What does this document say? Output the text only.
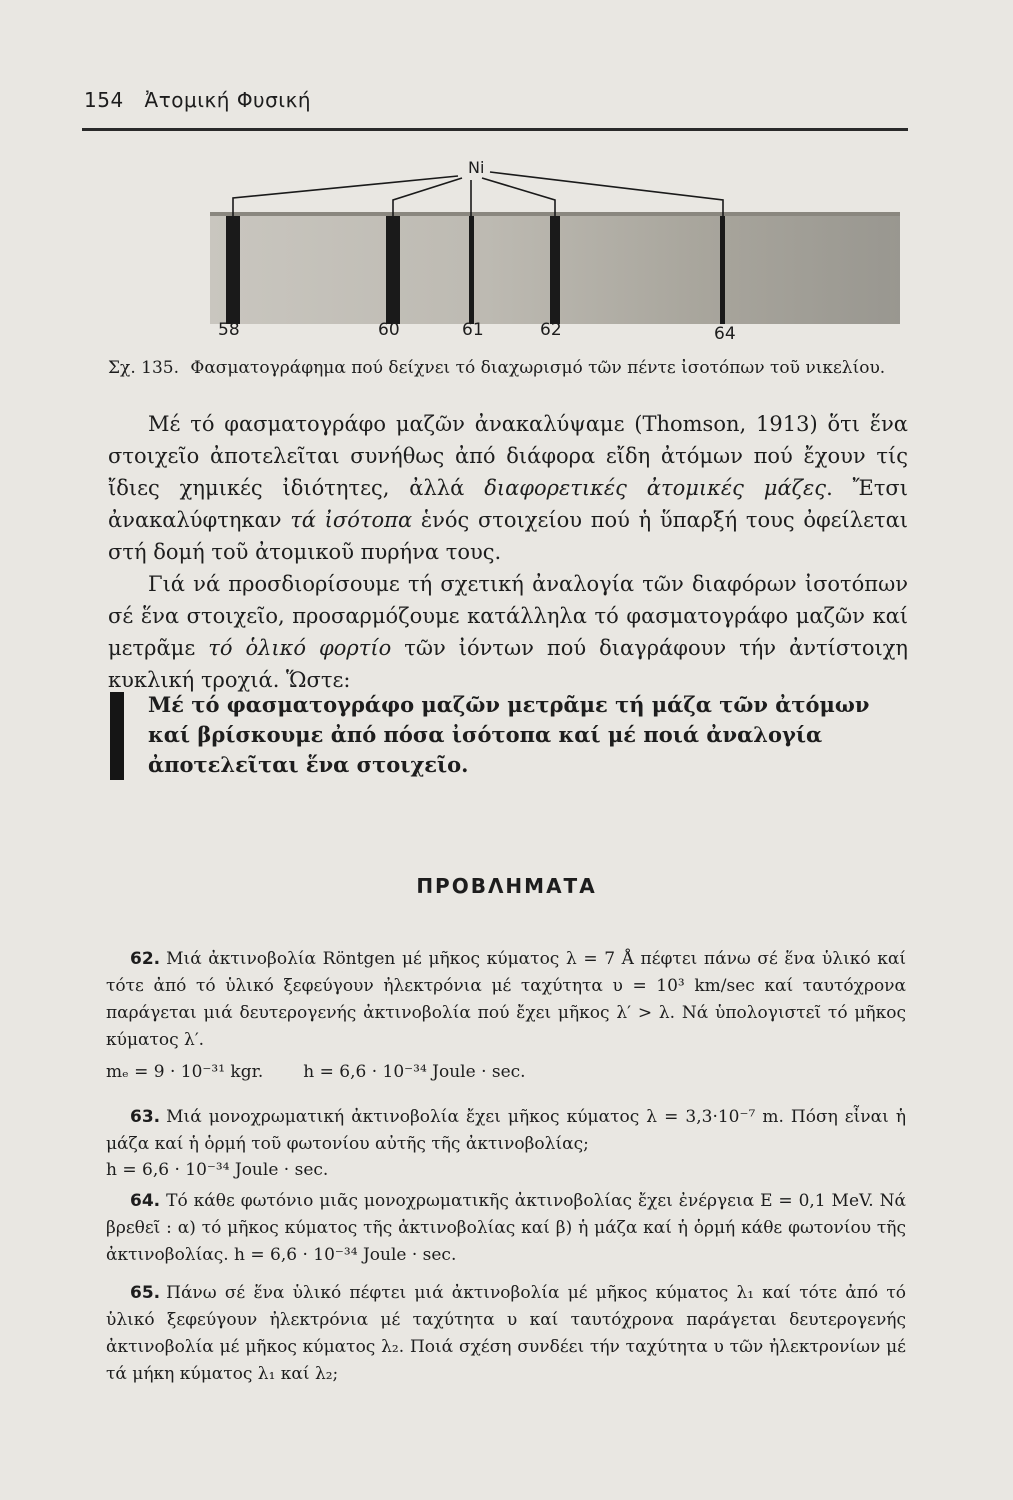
154 Ἀτομική Φυσική
Ni
58	60	61	62	64
Σχ. 135. Φασματογράφημα πού δείχνει τό διαχωρισμό τῶν πέντε ἰσοτόπων τοῦ νικελίου.
Μέ τό φασματογράφο μαζῶν ἀνακαλύψαμε (Thomson, 1913) ὅτι ἕνα στοιχεῖο ἀποτελεῖται συνήθως ἀπό διάφορα εἴδη ἀτόμων πού ἔχουν τίς ἴδιες χημικές ἰδιότητες, ἀλλά διαφορετικές ἀτομικές μάζες. Ἔτσι ἀνακαλύφτηκαν τά ἰσότοπα ἑνός στοιχείου πού ἡ ὕπαρξή τους ὀφείλεται στή δομή τοῦ ἀτομικοῦ πυρήνα τους.
Γιά νά προσδιορίσουμε τή σχετική ἀναλογία τῶν διαφόρων ἰσοτόπων σέ ἕνα στοιχεῖο, προσαρμόζουμε κατάλληλα τό φασματογράφο μαζῶν καί μετρᾶμε τό ὁλικό φορτίο τῶν ἰόντων πού διαγράφουν τήν ἀντίστοιχη κυκλική τροχιά. Ὥστε:
Μέ τό φασματογράφο μαζῶν μετρᾶμε τή μάζα τῶν ἀτόμων καί βρίσκουμε ἀπό πόσα ἰσότοπα καί μέ ποιά ἀναλογία ἀποτελεῖται ἕνα στοιχεῖο.
ΠΡΟΒΛΗΜΑΤΑ
62. Μιά ἀκτινοβολία Röntgen μέ μῆκος κύματος λ = 7 Å πέφτει πάνω σέ ἕνα ὑλικό καί τότε ἀπό τό ὑλικό ξεφεύγουν ἠλεκτρόνια μέ ταχύτητα υ = 10³ km/sec καί ταυτόχρονα παράγεται μιά δευτερογενής ἀκτινοβολία πού ἔχει μῆκος λ′ > λ. Νά ὑπολογιστεῖ τό μῆκος κύματος λ′.
mₑ = 9 · 10⁻³¹ kgr. h = 6,6 · 10⁻³⁴ Joule · sec.
63. Μιά μονοχρωματική ἀκτινοβολία ἔχει μῆκος κύματος λ = 3,3·10⁻⁷ m. Πόση εἶναι ἡ μάζα καί ἡ ὁρμή τοῦ φωτονίου αὐτῆς τῆς ἀκτινοβολίας;
h = 6,6 · 10⁻³⁴ Joule · sec.
64. Τό κάθε φωτόνιο μιᾶς μονοχρωματικῆς ἀκτινοβολίας ἔχει ἐνέργεια E = 0,1 MeV. Νά βρεθεῖ : α) τό μῆκος κύματος τῆς ἀκτινοβολίας καί β) ἡ μάζα καί ἡ ὁρμή κάθε φωτονίου τῆς ἀκτινοβολίας. h = 6,6 · 10⁻³⁴ Joule · sec.
65. Πάνω σέ ἕνα ὑλικό πέφτει μιά ἀκτινοβολία μέ μῆκος κύματος λ₁ καί τότε ἀπό τό ὑλικό ξεφεύγουν ἠλεκτρόνια μέ ταχύτητα υ καί ταυτόχρονα παράγεται δευτερογενής ἀκτινοβολία μέ μῆκος κύματος λ₂. Ποιά σχέση συνδέει τήν ταχύτητα υ τῶν ἠλεκτρονίων μέ τά μήκη κύματος λ₁ καί λ₂;
